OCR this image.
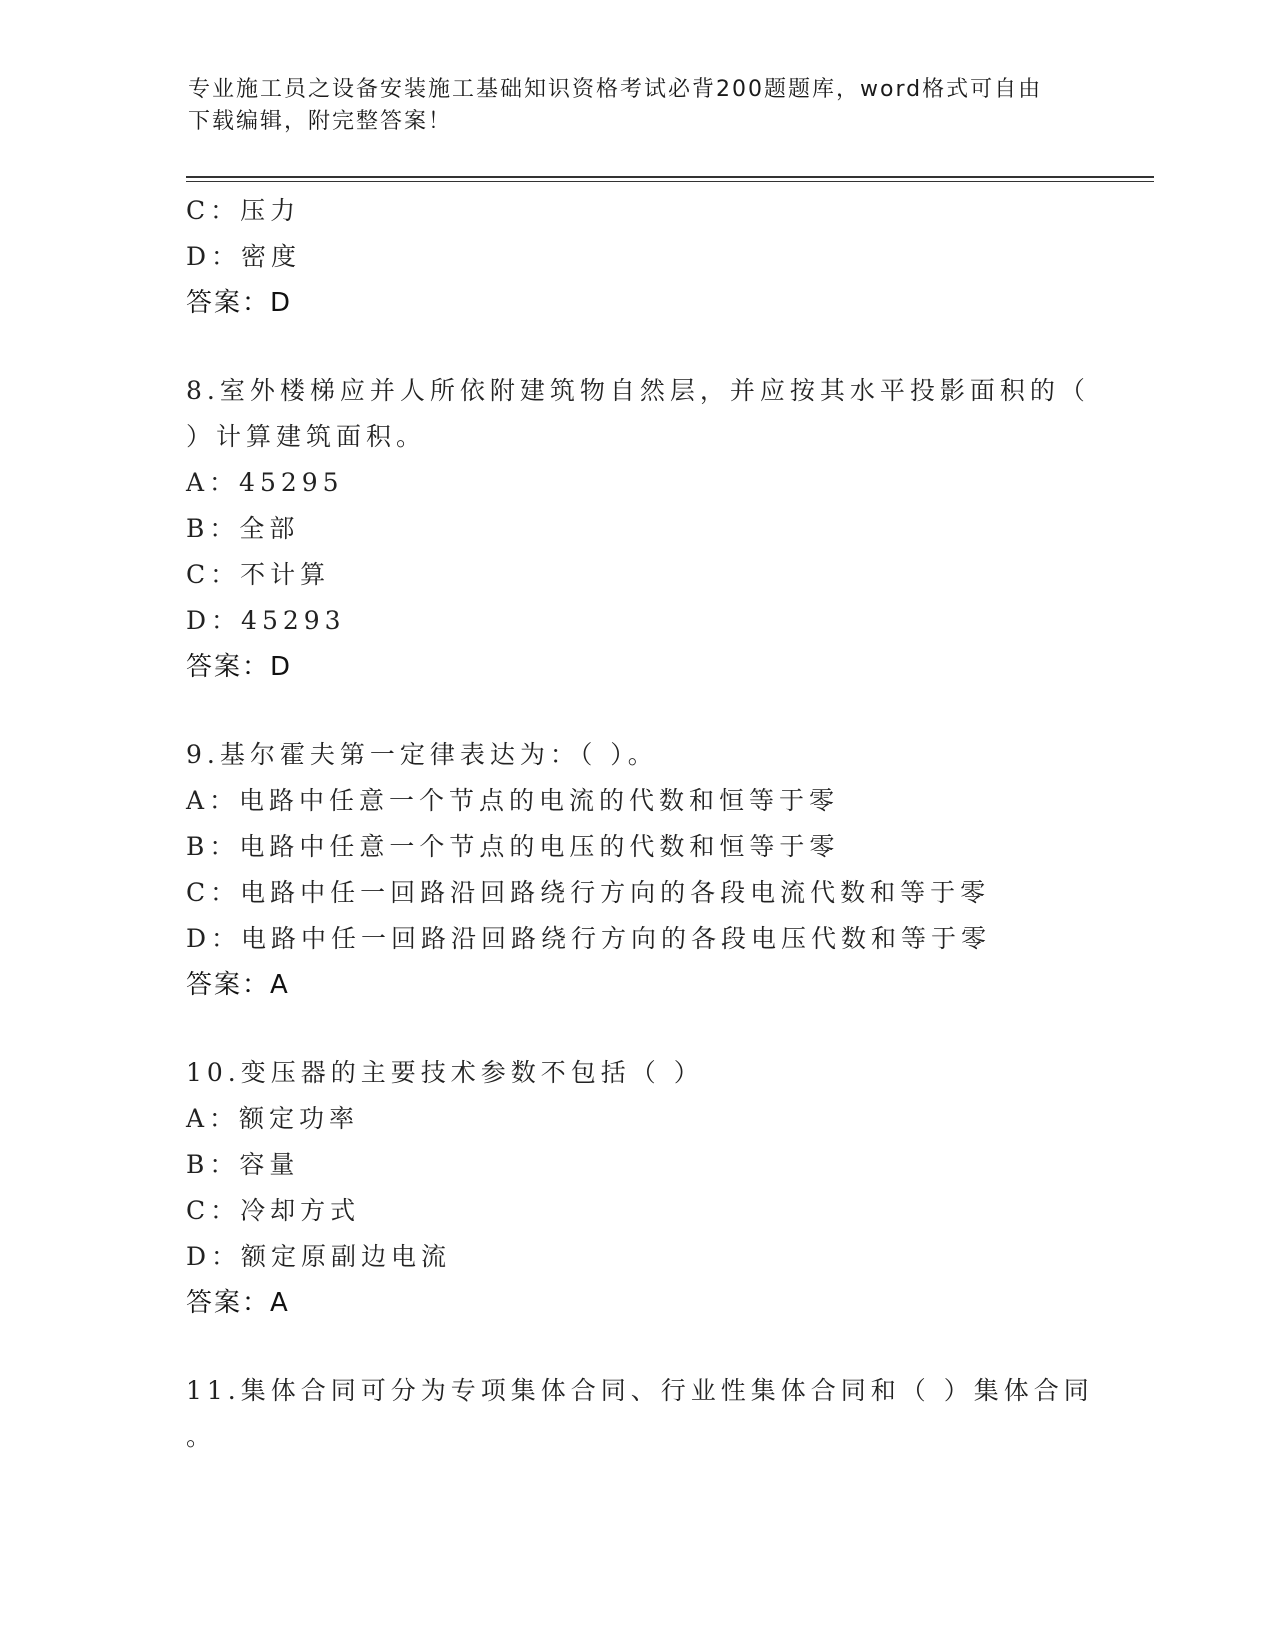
专业施工员之设备安装施工基础知识资格考试必背200题题库，word格式可自由
下载编辑，附完整答案！
C：压力
D：密度
答案：D
8.室外楼梯应并人所依附建筑物自然层，并应按其水平投影面积的（
）计算建筑面积。
A：45295
B：全部
C：不计算
D：45293
答案：D
9.基尔霍夫第一定律表达为：（ ）。
A：电路中任意一个节点的电流的代数和恒等于零
B：电路中任意一个节点的电压的代数和恒等于零
C：电路中任一回路沿回路绕行方向的各段电流代数和等于零
D：电路中任一回路沿回路绕行方向的各段电压代数和等于零
答案：A
10.变压器的主要技术参数不包括（ ）
A：额定功率
B：容量
C：冷却方式
D：额定原副边电流
答案：A
11.集体合同可分为专项集体合同、行业性集体合同和（ ）集体合同
。
